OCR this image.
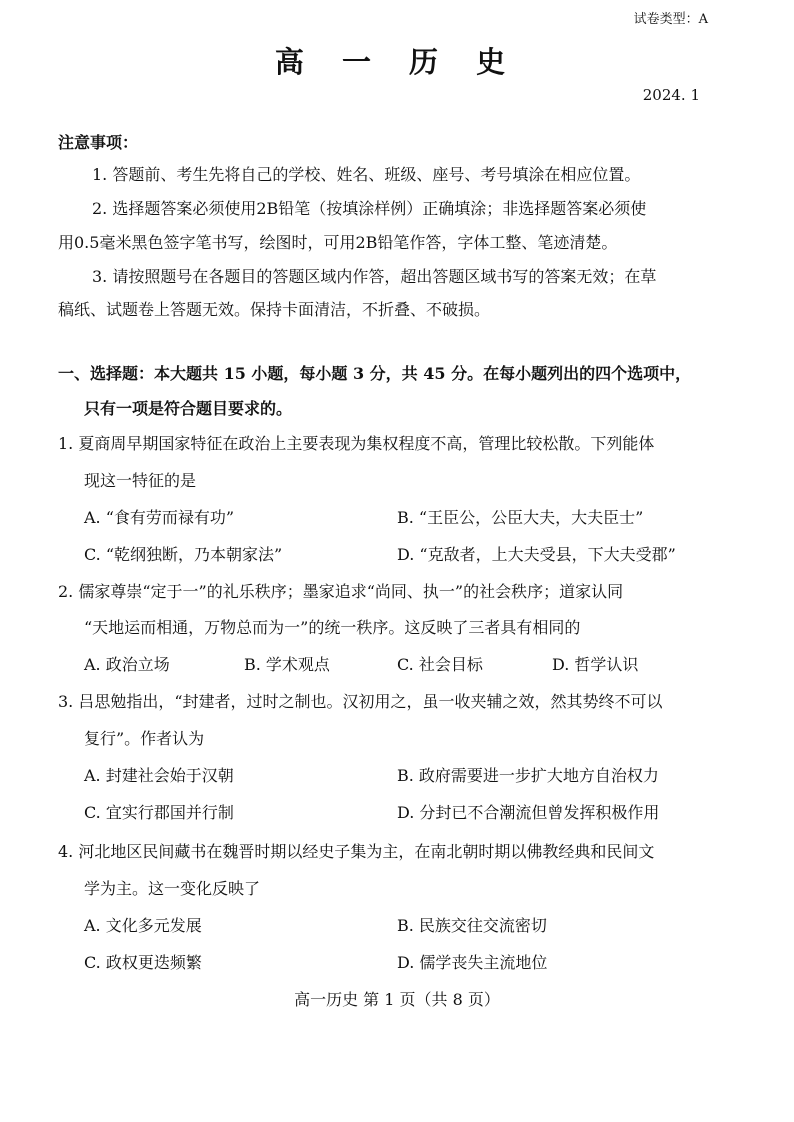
试卷类型：A
高 一 历 史
2024. 1
注意事项：
1. 答题前、考生先将自己的学校、姓名、班级、座号、考号填涂在相应位置。
2. 选择题答案必须使用2B铅笔（按填涂样例）正确填涂；非选择题答案必须使
用0.5毫米黑色签字笔书写，绘图时，可用2B铅笔作答，字体工整、笔迹清楚。
3. 请按照题号在各题目的答题区域内作答，超出答题区域书写的答案无效；在草
稿纸、试题卷上答题无效。保持卡面清洁，不折叠、不破损。
一、选择题：本大题共 15 小题，每小题 3 分，共 45 分。在每小题列出的四个选项中，
只有一项是符合题目要求的。
1. 夏商周早期国家特征在政治上主要表现为集权程度不高，管理比较松散。下列能体
现这一特征的是
A. “食有劳而禄有功”	B. “王臣公，公臣大夫，大夫臣士”
C. “乾纲独断，乃本朝家法”	D. “克敌者，上大夫受县，下大夫受郡”
2. 儒家尊崇“定于一”的礼乐秩序；墨家追求“尚同、执一”的社会秩序；道家认同
“天地运而相通，万物总而为一”的统一秩序。这反映了三者具有相同的
A. 政治立场	B. 学术观点	C. 社会目标	D. 哲学认识
3. 吕思勉指出，“封建者，过时之制也。汉初用之，虽一收夹辅之效，然其势终不可以
复行”。作者认为
A. 封建社会始于汉朝	B. 政府需要进一步扩大地方自治权力
C. 宜实行郡国并行制	D. 分封已不合潮流但曾发挥积极作用
4. 河北地区民间藏书在魏晋时期以经史子集为主，在南北朝时期以佛教经典和民间文
学为主。这一变化反映了
A. 文化多元发展	B. 民族交往交流密切
C. 政权更迭频繁	D. 儒学丧失主流地位
高一历史 第 1 页（共 8 页）
